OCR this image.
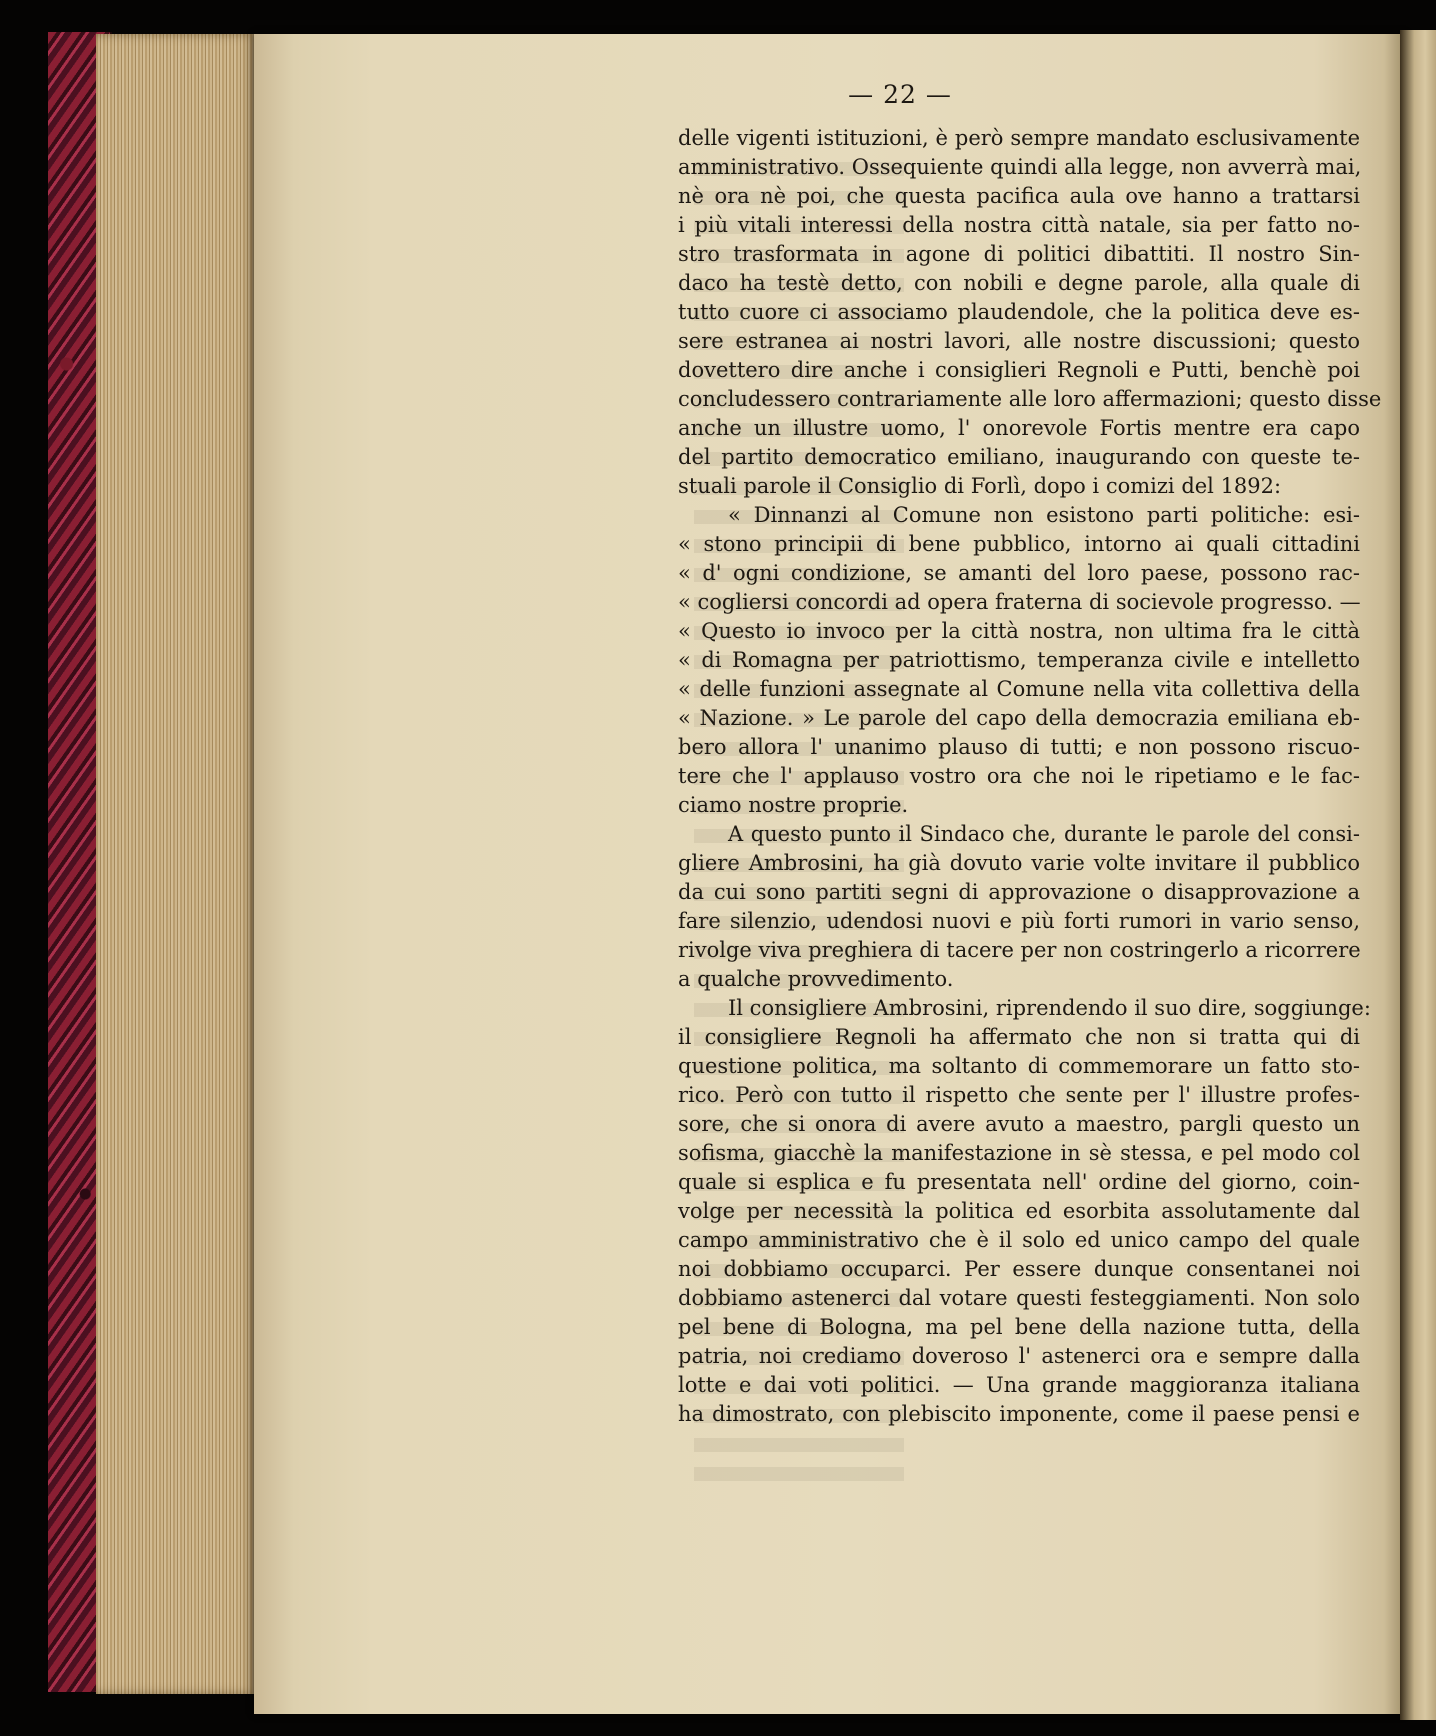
— 22 —
delle vigenti istituzioni, è però sempre mandato esclusivamente
amministrativo. Ossequiente quindi alla legge, non avverrà mai,
nè ora nè poi, che questa pacifica aula ove hanno a trattarsi
i più vitali interessi della nostra città natale, sia per fatto no-
stro trasformata in agone di politici dibattiti. Il nostro Sin-
daco ha testè detto, con nobili e degne parole, alla quale di
tutto cuore ci associamo plaudendole, che la politica deve es-
sere estranea ai nostri lavori, alle nostre discussioni; questo
dovettero dire anche i consiglieri Regnoli e Putti, benchè poi
concludessero contrariamente alle loro affermazioni; questo disse
anche un illustre uomo, l' onorevole Fortis mentre era capo
del partito democratico emiliano, inaugurando con queste te-
stuali parole il Consiglio di Forlì, dopo i comizi del 1892:
« Dinnanzi al Comune non esistono parti politiche: esi-
« stono principii di bene pubblico, intorno ai quali cittadini
« d' ogni condizione, se amanti del loro paese, possono rac-
« cogliersi concordi ad opera fraterna di socievole progresso. —
« Questo io invoco per la città nostra, non ultima fra le città
« di Romagna per patriottismo, temperanza civile e intelletto
« delle funzioni assegnate al Comune nella vita collettiva della
« Nazione. » Le parole del capo della democrazia emiliana eb-
bero allora l' unanimo plauso di tutti; e non possono riscuo-
tere che l' applauso vostro ora che noi le ripetiamo e le fac-
ciamo nostre proprie.
A questo punto il Sindaco che, durante le parole del consi-
gliere Ambrosini, ha già dovuto varie volte invitare il pubblico
da cui sono partiti segni di approvazione o disapprovazione a
fare silenzio, udendosi nuovi e più forti rumori in vario senso,
rivolge viva preghiera di tacere per non costringerlo a ricorrere
a qualche provvedimento.
Il consigliere Ambrosini, riprendendo il suo dire, soggiunge:
il consigliere Regnoli ha affermato che non si tratta qui di
questione politica, ma soltanto di commemorare un fatto sto-
rico. Però con tutto il rispetto che sente per l' illustre profes-
sore, che si onora di avere avuto a maestro, pargli questo un
sofisma, giacchè la manifestazione in sè stessa, e pel modo col
quale si esplica e fu presentata nell' ordine del giorno, coin-
volge per necessità la politica ed esorbita assolutamente dal
campo amministrativo che è il solo ed unico campo del quale
noi dobbiamo occuparci. Per essere dunque consentanei noi
dobbiamo astenerci dal votare questi festeggiamenti. Non solo
pel bene di Bologna, ma pel bene della nazione tutta, della
patria, noi crediamo doveroso l' astenerci ora e sempre dalla
lotte e dai voti politici. — Una grande maggioranza italiana
ha dimostrato, con plebiscito imponente, come il paese pensi e
